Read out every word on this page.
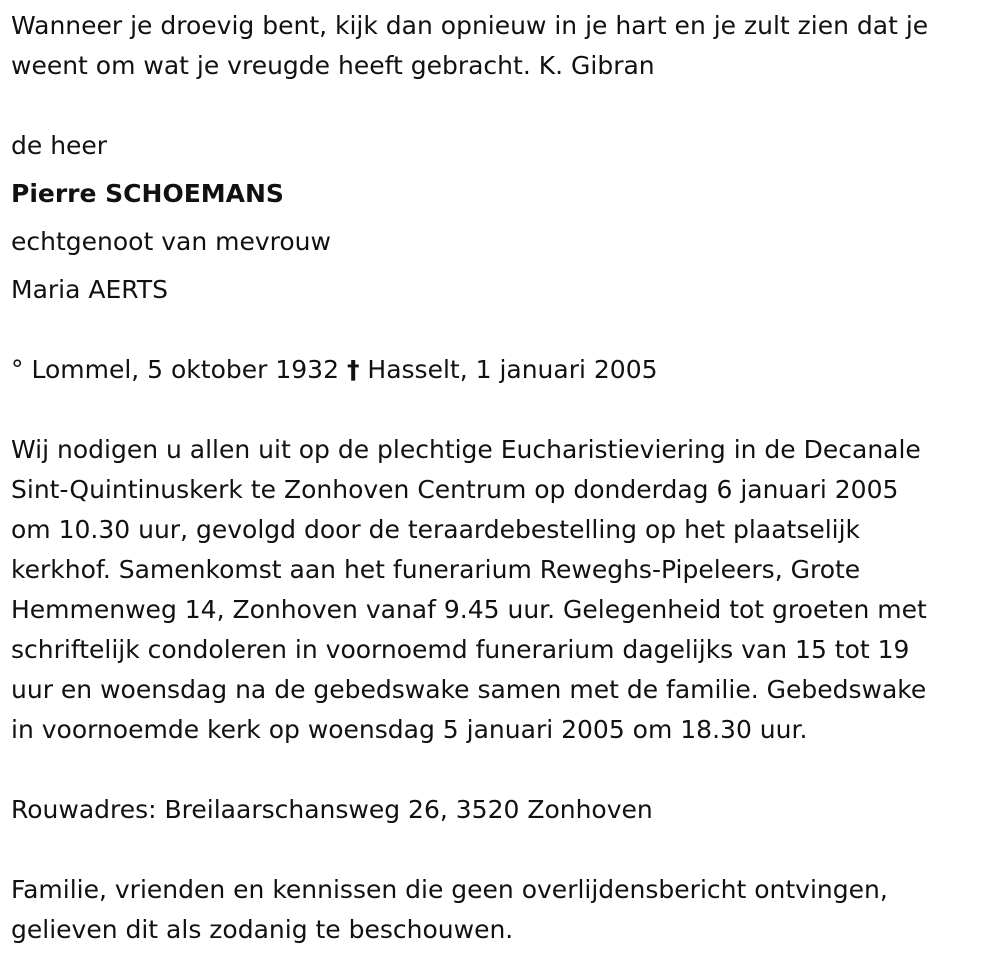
Wanneer je droevig bent, kijk dan opnieuw in je hart en je zult zien dat je
weent om wat je vreugde heeft gebracht. K. Gibran

de heer

Pierre SCHOEMANS

echtgenoot van mevrouw

Maria AERTS

° Lommel, 5 oktober 1932 † Hasselt, 1 januari 2005

Wij nodigen u allen uit op de plechtige Eucharistieviering in de Decanale
Sint-Quintinuskerk te Zonhoven Centrum op donderdag 6 januari 2005
om 10.30 uur, gevolgd door de teraardebestelling op het plaatselijk
kerkhof. Samenkomst aan het funerarium Reweghs-Pipeleers, Grote
Hemmenweg 14, Zonhoven vanaf 9.45 uur. Gelegenheid tot groeten met
schriftelijk condoleren in voornoemd funerarium dagelijks van 15 tot 19
uur en woensdag na de gebedswake samen met de familie. Gebedswake
in voornoemde kerk op woensdag 5 januari 2005 om 18.30 uur.

Rouwadres: Breilaarschansweg 26, 3520 Zonhoven

Familie, vrienden en kennissen die geen overlijdensbericht ontvingen,
gelieven dit als zodanig te beschouwen.
